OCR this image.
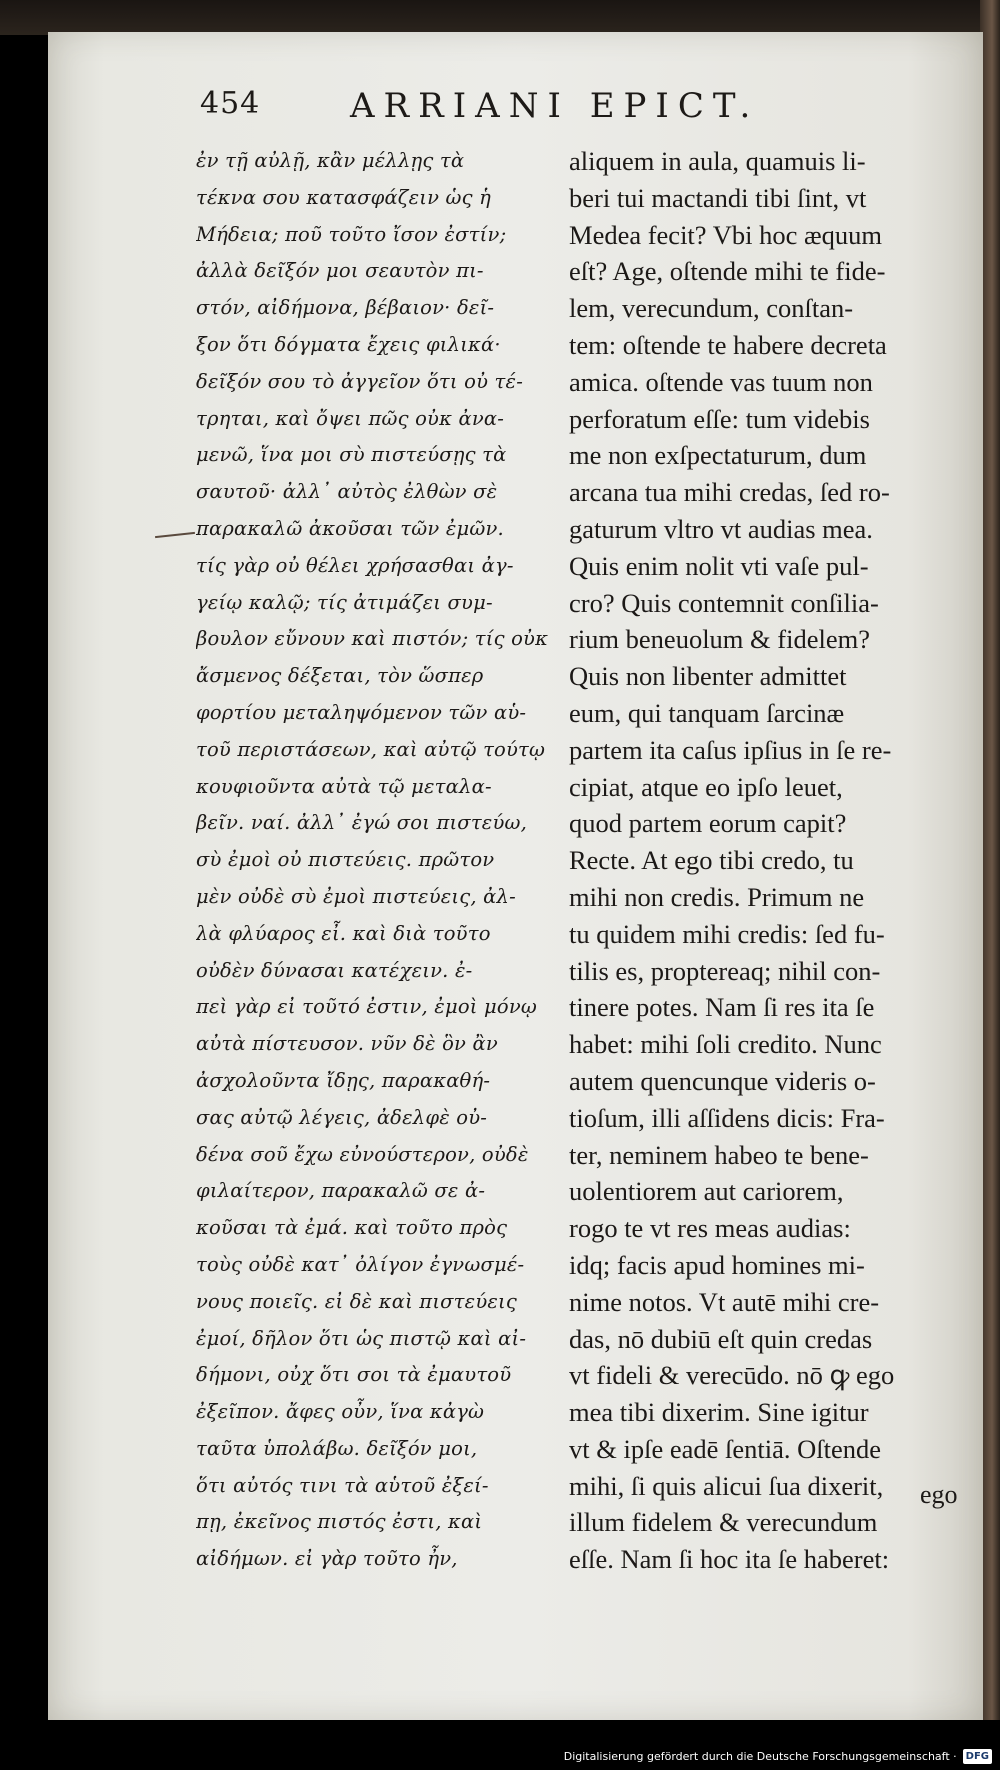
454	ARRIANI EPICT.
ἐν τῇ αὐλῇ, κἂν μέλλῃς τὰ
τέκνα σου κατασφάζειν ὡς ἡ
Μήδεια; ποῦ τοῦτο ἴσον ἐστίν;
ἀλλὰ δεῖξόν μοι σεαυτὸν πι-
στόν, αἰδήμονα, βέβαιον· δεῖ-
ξον ὅτι δόγματα ἔχεις φιλικά·
δεῖξόν σου τὸ ἀγγεῖον ὅτι οὐ τέ-
τρηται, καὶ ὄψει πῶς οὐκ ἀνα-
μενῶ, ἵνα μοι σὺ πιστεύσῃς τὰ
σαυτοῦ· ἀλλ᾽ αὐτὸς ἐλθὼν σὲ
παρακαλῶ ἀκοῦσαι τῶν ἐμῶν.
τίς γὰρ οὐ θέλει χρήσασθαι ἀγ-
γείῳ καλῷ; τίς ἀτιμάζει συμ-
βουλον εὔνουν καὶ πιστόν; τίς οὐκ
ἄσμενος δέξεται, τὸν ὥσπερ
φορτίου μεταληψόμενον τῶν αὑ-
τοῦ περιστάσεων, καὶ αὐτῷ τούτῳ
κουφιοῦντα αὐτὰ τῷ μεταλα-
βεῖν. ναί. ἀλλ᾽ ἐγώ σοι πιστεύω,
σὺ ἐμοὶ οὐ πιστεύεις. πρῶτον
μὲν οὐδὲ σὺ ἐμοὶ πιστεύεις, ἀλ-
λὰ φλύαρος εἶ. καὶ διὰ τοῦτο
οὐδὲν δύνασαι κατέχειν. ἐ-
πεὶ γὰρ εἰ τοῦτό ἐστιν, ἐμοὶ μόνῳ
αὐτὰ πίστευσον. νῦν δὲ ὃν ἂν
ἀσχολοῦντα ἴδῃς, παρακαθή-
σας αὐτῷ λέγεις, ἀδελφὲ οὐ-
δένα σοῦ ἔχω εὐνούστερον, οὐδὲ
φιλαίτερον, παρακαλῶ σε ἀ-
κοῦσαι τὰ ἐμά. καὶ τοῦτο πρὸς
τοὺς οὐδὲ κατ᾽ ὀλίγον ἐγνωσμέ-
νους ποιεῖς. εἰ δὲ καὶ πιστεύεις
ἐμοί, δῆλον ὅτι ὡς πιστῷ καὶ αἰ-
δήμονι, οὐχ ὅτι σοι τὰ ἐμαυτοῦ
ἐξεῖπον. ἄφες οὖν, ἵνα κἀγὼ
ταῦτα ὑπολάβω. δεῖξόν μοι,
ὅτι αὐτός τινι τὰ αὑτοῦ ἐξεί-
πῃ, ἐκεῖνος πιστός ἐστι, καὶ
αἰδήμων. εἰ γὰρ τοῦτο ἦν,
aliquem in aula, quamuis li-
beri tui mactandi tibi ſint, vt
Medea fecit? Vbi hoc æquum
eſt? Age, oſtende mihi te fide-
lem, verecundum, conſtan-
tem: oſtende te habere decreta
amica. oſtende vas tuum non
perforatum eſſe: tum videbis
me non exſpectaturum, dum
arcana tua mihi credas, ſed ro-
gaturum vltro vt audias mea.
Quis enim nolit vti vaſe pul-
cro? Quis contemnit conſilia-
rium beneuolum & fidelem?
Quis non libenter admittet
eum, qui tanquam ſarcinæ
partem ita caſus ipſius in ſe re-
cipiat, atque eo ipſo leuet,
quod partem eorum capit?
Recte. At ego tibi credo, tu
mihi non credis. Primum ne
tu quidem mihi credis: ſed fu-
tilis es, proptereaq; nihil con-
tinere potes. Nam ſi res ita ſe
habet: mihi ſoli credito. Nunc
autem quencunque videris o-
tioſum, illi aſſidens dicis: Fra-
ter, neminem habeo te bene-
uolentiorem aut cariorem,
rogo te vt res meas audias:
idq; facis apud homines mi-
nime notos. Vt autē mihi cre-
das, nō dubiū eſt quin credas
vt fideli & verecūdo. nō ꝙ ego
mea tibi dixerim. Sine igitur
vt & ipſe eadē ſentiā. Oſtende
mihi, ſi quis alicui ſua dixerit,
illum fidelem & verecundum
eſſe. Nam ſi hoc ita ſe haberet:
ego
Digitalisierung gefördert durch die Deutsche Forschungsgemeinschaft · DFG
